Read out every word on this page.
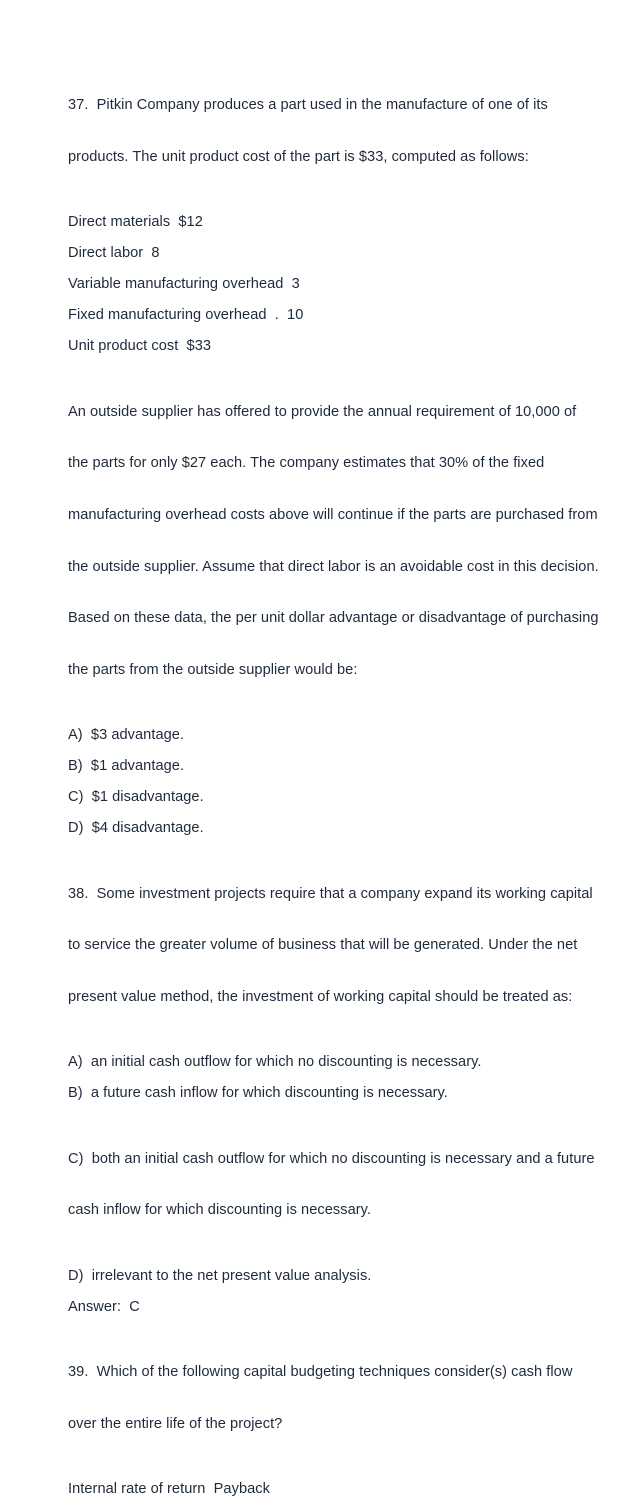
37.  Pitkin Company produces a part used in the manufacture of one of its

products. The unit product cost of the part is $33, computed as follows:

Direct materials  $12

Direct labor  8

Variable manufacturing overhead  3

Fixed manufacturing overhead  .  10

Unit product cost  $33

An outside supplier has offered to provide the annual requirement of 10,000 of

the parts for only $27 each. The company estimates that 30% of the fixed

manufacturing overhead costs above will continue if the parts are purchased from

the outside supplier. Assume that direct labor is an avoidable cost in this decision.

Based on these data, the per unit dollar advantage or disadvantage of purchasing

the parts from the outside supplier would be:

A)  $3 advantage.

B)  $1 advantage.

C)  $1 disadvantage.

D)  $4 disadvantage.

38.  Some investment projects require that a company expand its working capital

to service the greater volume of business that will be generated. Under the net

present value method, the investment of working capital should be treated as:

A)  an initial cash outflow for which no discounting is necessary.

B)  a future cash inflow for which discounting is necessary.

C)  both an initial cash outflow for which no discounting is necessary and a future

cash inflow for which discounting is necessary.

D)  irrelevant to the net present value analysis.

Answer:  C

39.  Which of the following capital budgeting techniques consider(s) cash flow

over the entire life of the project?

Internal rate of return  Payback
